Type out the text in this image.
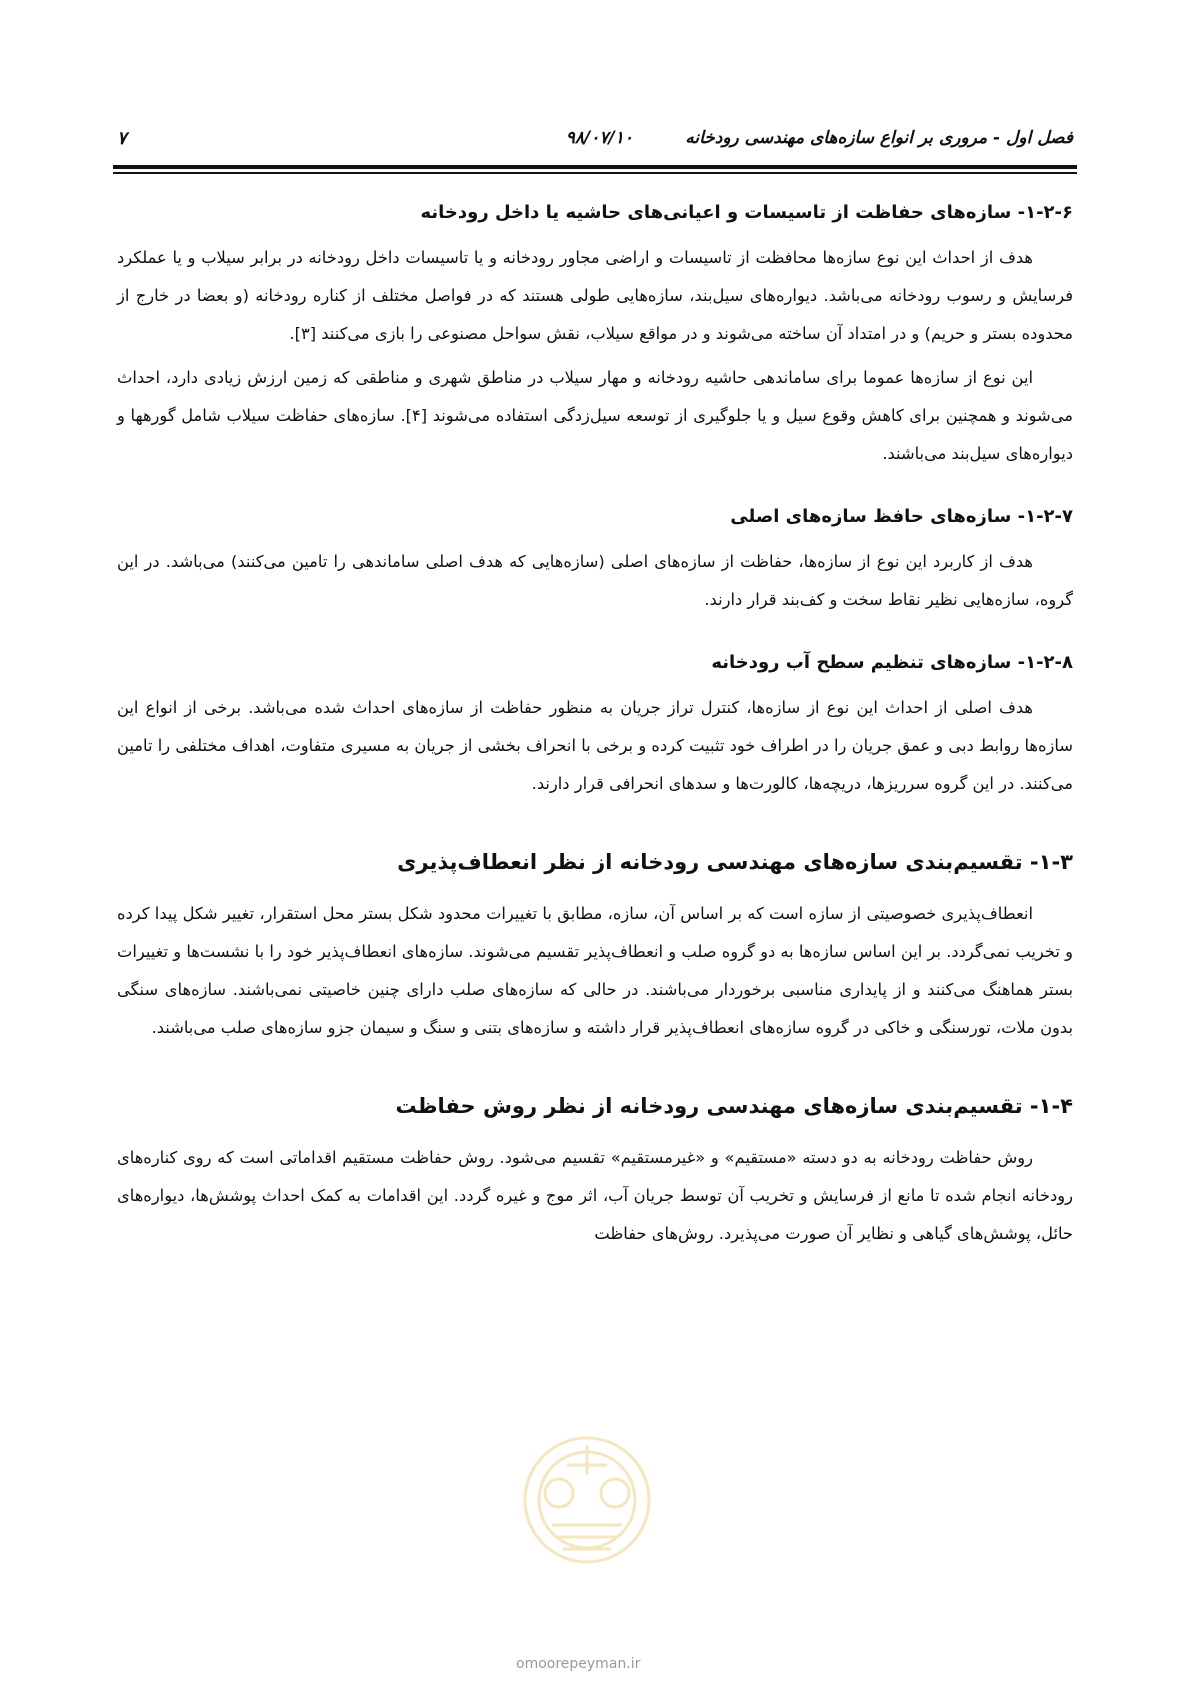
فصل اول - مروری بر انواع سازه‌های مهندسی رودخانه
۹۸/۰۷/۱۰
۷
۱-۲-۶- سازه‌های حفاظت از تاسیسات و اعیانی‌های حاشیه یا داخل رودخانه

هدف از احداث این نوع سازه‌ها محافظت از تاسیسات و اراضی مجاور رودخانه و یا تاسیسات داخل رودخانه در برابر سیلاب و یا عملکرد فرسایش و رسوب رودخانه می‌باشد. دیواره‌های سیل‌بند، سازه‌هایی طولی هستند که در فواصل مختلف از کناره رودخانه (و بعضا در خارج از محدوده بستر و حریم) و در امتداد آن ساخته می‌شوند و در مواقع سیلاب، نقش سواحل مصنوعی را بازی می‌کنند [۳].

این نوع از سازه‌ها عموما برای ساماندهی حاشیه رودخانه و مهار سیلاب در مناطق شهری و مناطقی که زمین ارزش زیادی دارد، احداث می‌شوند و همچنین برای کاهش وقوع سیل و یا جلوگیری از توسعه سیل‌زدگی استفاده می‌شوند [۴]. سازه‌های حفاظت سیلاب شامل گورهها و دیواره‌های سیل‌بند می‌باشند.

۱-۲-۷- سازه‌های حافظ سازه‌های اصلی

هدف از کاربرد این نوع از سازه‌ها، حفاظت از سازه‌های اصلی (سازه‌هایی که هدف اصلی ساماندهی را تامین می‌کنند) می‌باشد. در این گروه، سازه‌هایی نظیر نقاط سخت و کف‌بند قرار دارند.

۱-۲-۸- سازه‌های تنظیم سطح آب رودخانه

هدف اصلی از احداث این نوع از سازه‌ها، کنترل تراز جریان به منظور حفاظت از سازه‌های احداث شده می‌باشد. برخی از انواع این سازه‌ها روابط دبی و عمق جریان را در اطراف خود تثبیت کرده و برخی با انحراف بخشی از جریان به مسیری متفاوت، اهداف مختلفی را تامین می‌کنند. در این گروه سرریزها، دریچه‌ها، کالورت‌ها و سدهای انحرافی قرار دارند.

۱-۳- تقسیم‌بندی سازه‌های مهندسی رودخانه از نظر انعطاف‌پذیری

انعطاف‌پذیری خصوصیتی از سازه است که بر اساس آن، سازه، مطابق با تغییرات محدود شکل بستر محل استقرار، تغییر شکل پیدا کرده و تخریب نمی‌گردد. بر این اساس سازه‌ها به دو گروه صلب و انعطاف‌پذیر تقسیم می‌شوند. سازه‌های انعطاف‌پذیر خود را با نشست‌ها و تغییرات بستر هماهنگ می‌کنند و از پایداری مناسبی برخوردار می‌باشند. در حالی که سازه‌های صلب دارای چنین خاصیتی نمی‌باشند. سازه‌های سنگی بدون ملات، تورسنگی و خاکی در گروه سازه‌های انعطاف‌پذیر قرار داشته و سازه‌های بتنی و سنگ و سیمان جزو سازه‌های صلب می‌باشند.

۱-۴- تقسیم‌بندی سازه‌های مهندسی رودخانه از نظر روش حفاظت

روش حفاظت رودخانه به دو دسته «مستقیم» و «غیرمستقیم» تقسیم می‌شود. روش حفاظت مستقیم اقداماتی است که روی کناره‌های رودخانه انجام شده تا مانع از فرسایش و تخریب آن توسط جریان آب، اثر موج و غیره گردد. این اقدامات به کمک احداث پوشش‌ها، دیواره‌های حائل، پوشش‌های گیاهی و نظایر آن صورت می‌پذیرد. روش‌های حفاظت

omoorepeyman.ir
